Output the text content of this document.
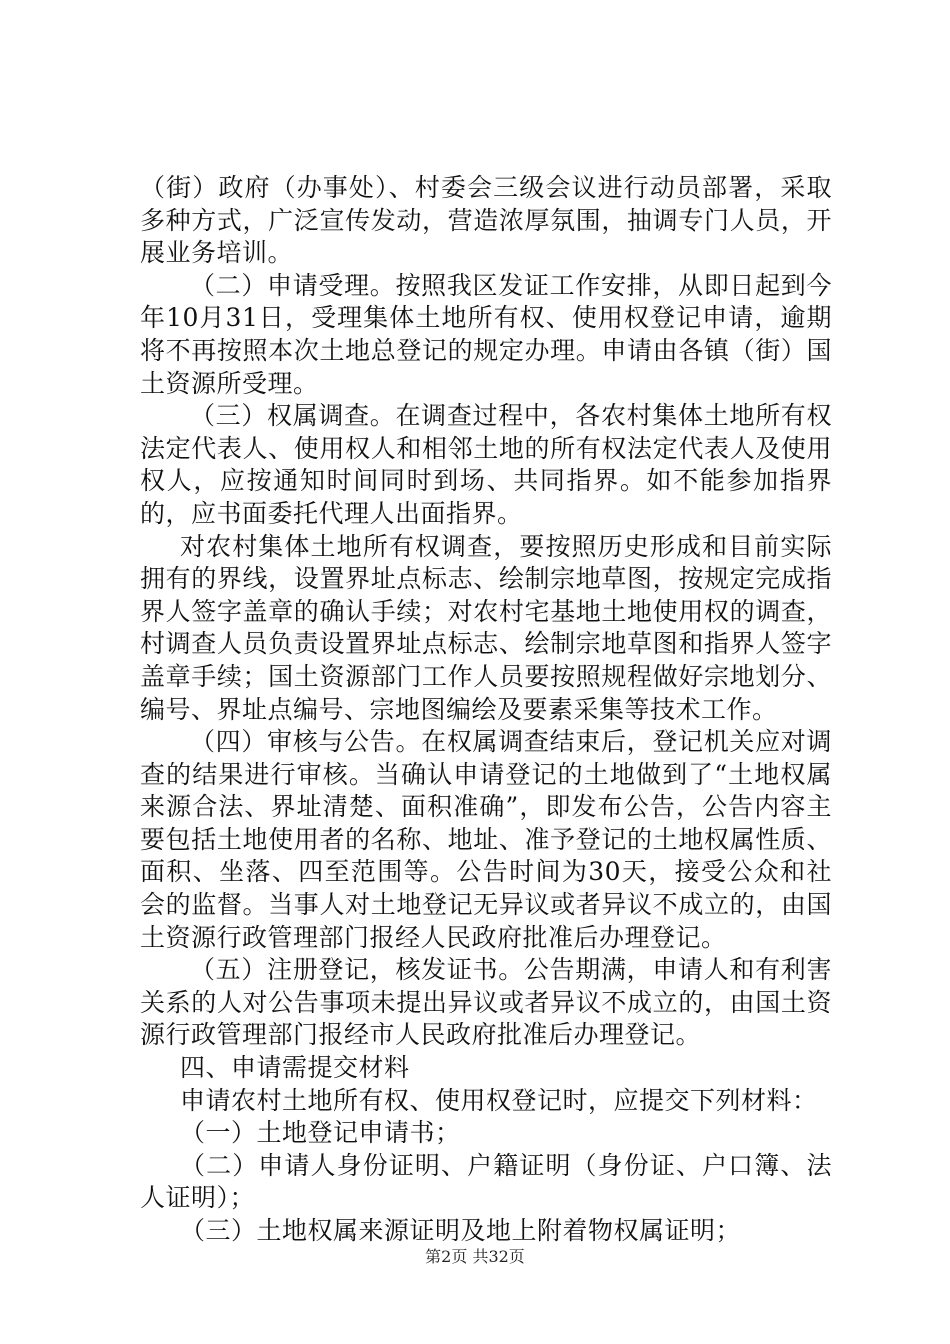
（街）政府（办事处）、村委会三级会议进行动员部署，采取多种方式，广泛宣传发动，营造浓厚氛围，抽调专门人员，开展业务培训。

（二）申请受理。按照我区发证工作安排，从即日起到今年10月31日，受理集体土地所有权、使用权登记申请，逾期将不再按照本次土地总登记的规定办理。申请由各镇（街）国土资源所受理。

（三）权属调查。在调查过程中，各农村集体土地所有权法定代表人、使用权人和相邻土地的所有权法定代表人及使用权人，应按通知时间同时到场、共同指界。如不能参加指界的，应书面委托代理人出面指界。

对农村集体土地所有权调查，要按照历史形成和目前实际拥有的界线，设置界址点标志、绘制宗地草图，按规定完成指界人签字盖章的确认手续；对农村宅基地土地使用权的调查，村调查人员负责设置界址点标志、绘制宗地草图和指界人签字盖章手续；国土资源部门工作人员要按照规程做好宗地划分、编号、界址点编号、宗地图编绘及要素采集等技术工作。

（四）审核与公告。在权属调查结束后，登记机关应对调查的结果进行审核。当确认申请登记的土地做到了“土地权属来源合法、界址清楚、面积准确”，即发布公告，公告内容主要包括土地使用者的名称、地址、准予登记的土地权属性质、面积、坐落、四至范围等。公告时间为30天，接受公众和社会的监督。当事人对土地登记无异议或者异议不成立的，由国土资源行政管理部门报经人民政府批准后办理登记。

（五）注册登记，核发证书。公告期满，申请人和有利害关系的人对公告事项未提出异议或者异议不成立的，由国土资源行政管理部门报经市人民政府批准后办理登记。

四、申请需提交材料

申请农村土地所有权、使用权登记时，应提交下列材料：

（一）土地登记申请书；

（二）申请人身份证明、户籍证明（身份证、户口簿、法人证明）；

（三）土地权属来源证明及地上附着物权属证明；

第2页 共32页
